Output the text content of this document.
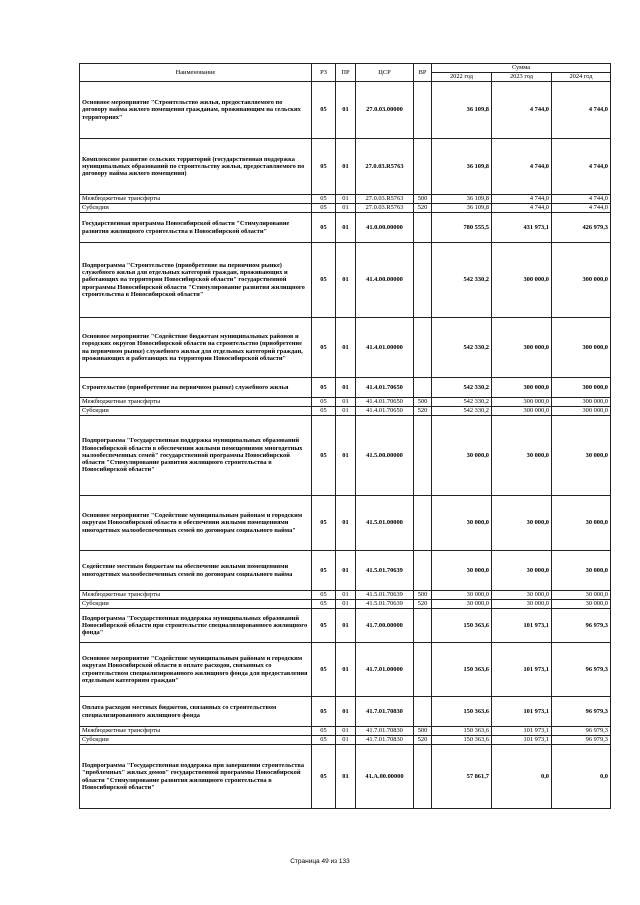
Наименование	РЗ	ПР	ЦСР	ВР	Сумма		
					2022 год	2023 год	2024 год
Основное мероприятие "Строительство жилья, предоставляемого по договору найма жилого помещения гражданам, проживающим на сельских территориях"	05	01	27.0.03.00000		36 109,8	4 744,0	4 744,0
Комплексное развитие сельских территорий (государственная поддержка муниципальных образований по строительству жилья, предоставляемого по договору найма жилого помещения)	05	01	27.0.03.R5763		36 109,8	4 744,0	4 744,0
Межбюджетные трансферты	05	01	27.0.03.R5763	500	36 109,8	4 744,0	4 744,0
Субсидии	05	01	27.0.03.R5763	520	36 109,8	4 744,0	4 744,0
Государственная программа Новосибирской области "Стимулирование развития жилищного строительства в Новосибирской области"	05	01	41.0.00.00000		780 555,5	431 973,1	426 979,3
Подпрограмма "Строительство (приобретение на первичном рынке) служебного жилья для отдельных категорий граждан, проживающих и работающих на территории Новосибирской области" государственной программы Новосибирской области "Стимулирование развития жилищного строительства в Новосибирской области"	05	01	41.4.00.00000		542 330,2	300 000,0	300 000,0
Основное мероприятие "Содействие бюджетам муниципальных районов и городских округов Новосибирской области на строительство (приобретение на первичном рынке) служебного жилья для отдельных категорий граждан, проживающих и работающих на территории Новосибирской области"	05	01	41.4.01.00000		542 330,2	300 000,0	300 000,0
Строительство (приобретение на первичном рынке) служебного жилья	05	01	41.4.01.70650		542 330,2	300 000,0	300 000,0
Межбюджетные трансферты	05	01	41.4.01.70650	500	542 330,2	300 000,0	300 000,0
Субсидии	05	01	41.4.01.70650	520	542 330,2	300 000,0	300 000,0
Подпрограмма "Государственная поддержка муниципальных образований Новосибирской области в обеспечении жилыми помещениями многодетных малообеспеченных семей" государственной программы Новосибирской области "Стимулирование развития жилищного строительства в Новосибирской области"	05	01	41.5.00.00000		30 000,0	30 000,0	30 000,0
Основное мероприятие "Содействие муниципальным районам и городским округам Новосибирской области в обеспечении жилыми помещениями многодетных малообеспеченных семей по договорам социального найма"	05	01	41.5.01.00000		30 000,0	30 000,0	30 000,0
Содействие местным бюджетам на обеспечение жилыми помещениями многодетных малообеспеченных семей по договорам социального найма	05	01	41.5.01.70639		30 000,0	30 000,0	30 000,0
Межбюджетные трансферты	05	01	41.5.01.70639	500	30 000,0	30 000,0	30 000,0
Субсидии	05	01	41.5.01.70639	520	30 000,0	30 000,0	30 000,0
Подпрограмма "Государственная поддержка муниципальных образований Новосибирской области при строительстве специализированного жилищного фонда"	05	01	41.7.00.00000		150 363,6	101 973,1	96 979,3
Основное мероприятие "Содействие муниципальным районам и городским округам Новосибирской области в оплате расходов, связанных со строительством специализированного жилищного фонда для предоставления отдельным категориям граждан"	05	01	41.7.01.00000		150 363,6	101 973,1	96 979,3
Оплата расходов местных бюджетов, связанных со строительством специализированного жилищного фонда	05	01	41.7.01.70830		150 363,6	101 973,1	96 979,3
Межбюджетные трансферты	05	01	41.7.01.70830	500	150 363,6	101 973,1	96 979,3
Субсидии	05	01	41.7.01.70830	520	150 363,6	101 973,1	96 979,3
Подпрограмма "Государственная поддержка при завершении строительства "проблемных" жилых домов" государственной программы Новосибирской области "Стимулирование развития жилищного строительства в Новосибирской области"	05	01	41.А.00.00000		57 861,7	0,0	0,0
Страница 49 из 133
